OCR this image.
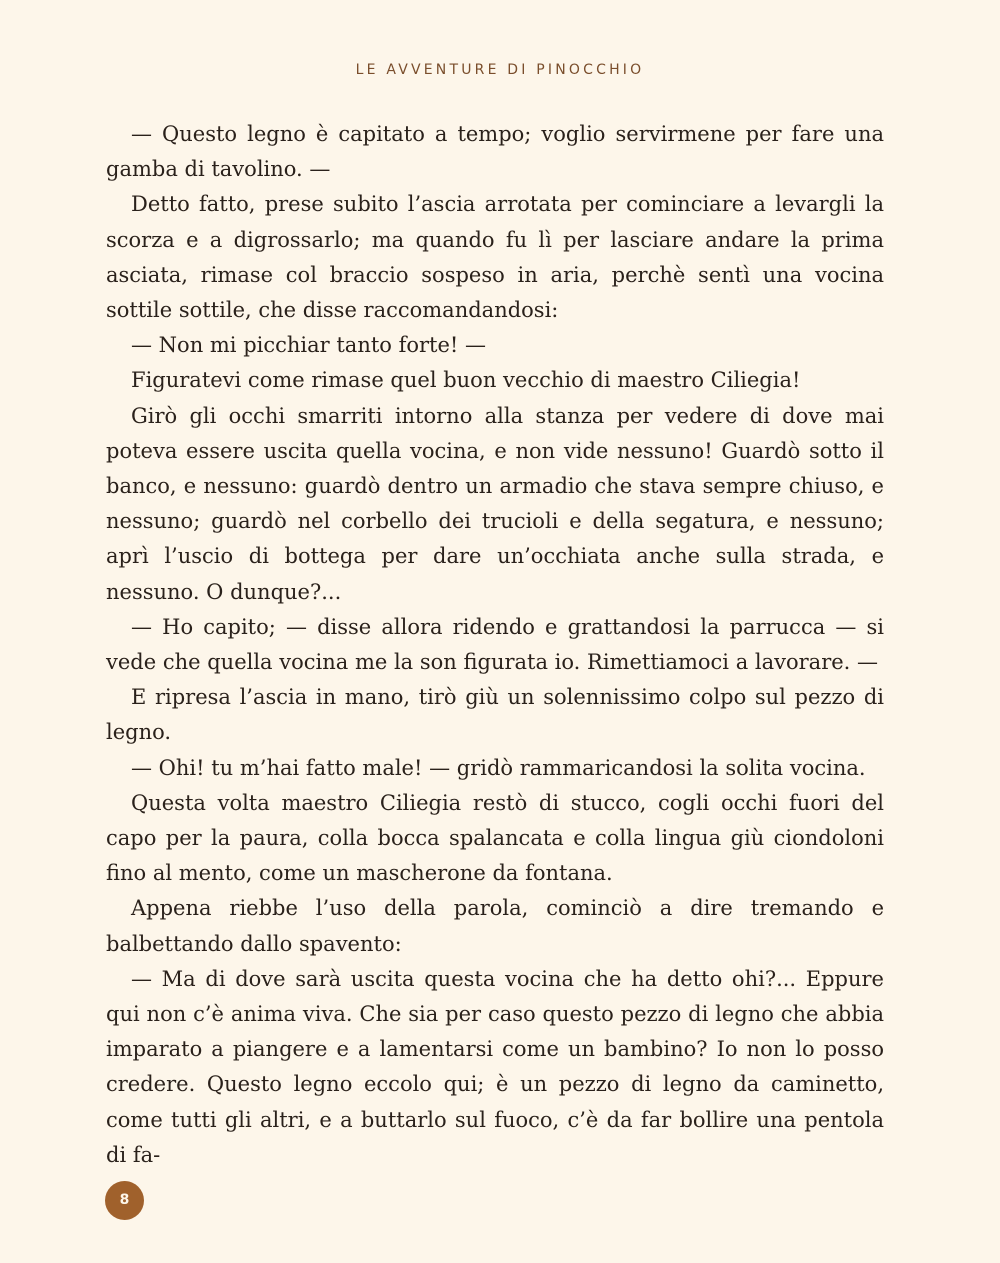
LE AVVENTURE DI PINOCCHIO

— Questo legno è capitato a tempo; voglio servirmene per fare una gamba di tavolino. —

Detto fatto, prese subito l’ascia arrotata per cominciare a levargli la scorza e a digrossarlo; ma quando fu lì per lasciare andare la prima asciata, rimase col braccio sospeso in aria, perchè sentì una vocina sottile sottile, che disse raccomandandosi:

— Non mi picchiar tanto forte! —

Figuratevi come rimase quel buon vecchio di maestro Ciliegia!

Girò gli occhi smarriti intorno alla stanza per vedere di dove mai poteva essere uscita quella vocina, e non vide nessuno! Guardò sotto il banco, e nessuno: guardò dentro un armadio che stava sempre chiuso, e nessuno; guardò nel corbello dei trucioli e della segatura, e nessuno; aprì l’uscio di bottega per dare un’occhiata anche sulla strada, e nessuno. O dunque?...

— Ho capito; — disse allora ridendo e grattandosi la parrucca — si vede che quella vocina me la son figurata io. Rimettiamoci a lavorare. —

E ripresa l’ascia in mano, tirò giù un solennissimo colpo sul pezzo di legno.

— Ohi! tu m’hai fatto male! — gridò rammaricandosi la solita vocina.

Questa volta maestro Ciliegia restò di stucco, cogli occhi fuori del capo per la paura, colla bocca spalancata e colla lingua giù ciondoloni fino al mento, come un mascherone da fontana.

Appena riebbe l’uso della parola, cominciò a dire tremando e balbettando dallo spavento:

— Ma di dove sarà uscita questa vocina che ha detto ohi?... Eppure qui non c’è anima viva. Che sia per caso questo pezzo di legno che abbia imparato a piangere e a lamentarsi come un bambino? Io non lo posso credere. Questo legno eccolo qui; è un pezzo di legno da caminetto, come tutti gli altri, e a buttarlo sul fuoco, c’è da far bollire una pentola di fa-

8
